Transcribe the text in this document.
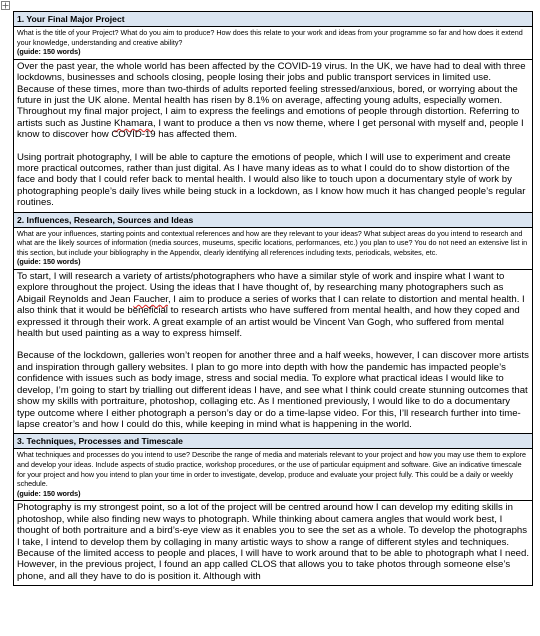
1. Your Final Major Project
What is the title of your Project? What do you aim to produce? How does this relate to your work and ideas from your programme so far and how does it extend your knowledge, understanding and creative ability?
(guide: 150 words)

Over the past year, the whole world has been affected by the COVID-19 virus. In the UK, we have had to deal with three lockdowns, businesses and schools closing, people losing their jobs and public transport services in limited use. Because of these times, more than two-thirds of adults reported feeling stressed/anxious, bored, or worrying about the future in just the UK alone. Mental health has risen by 8.1% on average, affecting young adults, especially women. Throughout my final major project, I aim to express the feelings and emotions of people through distortion. Referring to artists such as Justine Khamara, I want to produce a then vs now theme, where I get personal with myself and, people I know to discover how COVID-19 has affected them.

Using portrait photography, I will be able to capture the emotions of people, which I will use to experiment and create more practical outcomes, rather than just digital. As I have many ideas as to what I could do to show distortion of the face and body that I could refer back to mental health. I would also like to touch upon a documentary style of work by photographing people’s daily lives while being stuck in a lockdown, as I know how much it has changed people’s regular routines.

2. Influences, Research, Sources and Ideas
What are your influences, starting points and contextual references and how are they relevant to your ideas? What subject areas do you intend to research and what are the likely sources of information (media sources, museums, specific locations, performances, etc.) you plan to use? You do not need an extensive list in this section, but include your bibliography in the Appendix, clearly identifying all references including texts, periodicals, websites, etc.
(guide: 150 words)

To start, I will research a variety of artists/photographers who have a similar style of work and inspire what I want to explore throughout the project. Using the ideas that I have thought of, by researching many photographers such as Abigail Reynolds and Jean Faucher, I aim to produce a series of works that I can relate to distortion and mental health. I also think that it would be beneficial to research artists who have suffered from mental health, and how they coped and expressed it through their work. A great example of an artist would be Vincent Van Gogh, who suffered from mental health but used painting as a way to express himself.

Because of the lockdown, galleries won’t reopen for another three and a half weeks, however, I can discover more artists and inspiration through gallery websites. I plan to go more into depth with how the pandemic has impacted people’s confidence with issues such as body image, stress and social media. To explore what practical ideas I would like to develop, I’m going to start by trialling out different ideas I have, and see what I think could create stunning outcomes that show my skills with portraiture, photoshop, collaging etc. As I mentioned previously, I would like to do a documentary type outcome where I either photograph a person’s day or do a time-lapse video. For this, I’ll research further into time-lapse creator’s and how I could do this, while keeping in mind what is happening in the world.

3. Techniques, Processes and Timescale
What techniques and processes do you intend to use? Describe the range of media and materials relevant to your project and how you may use them to explore and develop your ideas. Include aspects of studio practice, workshop procedures, or the use of particular equipment and software. Give an indicative timescale for your project and how you intend to plan your time in order to investigate, develop, produce and evaluate your project fully. This could be a daily or weekly schedule.
(guide: 150 words)

Photography is my strongest point, so a lot of the project will be centred around how I can develop my editing skills in photoshop, while also finding new ways to photograph. While thinking about camera angles that would work best, I thought of both portraiture and a bird’s-eye view as it enables you to see the set as a whole. To develop the photographs I take, I intend to develop them by collaging in many artistic ways to show a range of different styles and techniques. Because of the limited access to people and places, I will have to work around that to be able to photograph what I need. However, in the previous project, I found an app called CLOS that allows you to take photos through someone else’s phone, and all they have to do is position it. Although with
